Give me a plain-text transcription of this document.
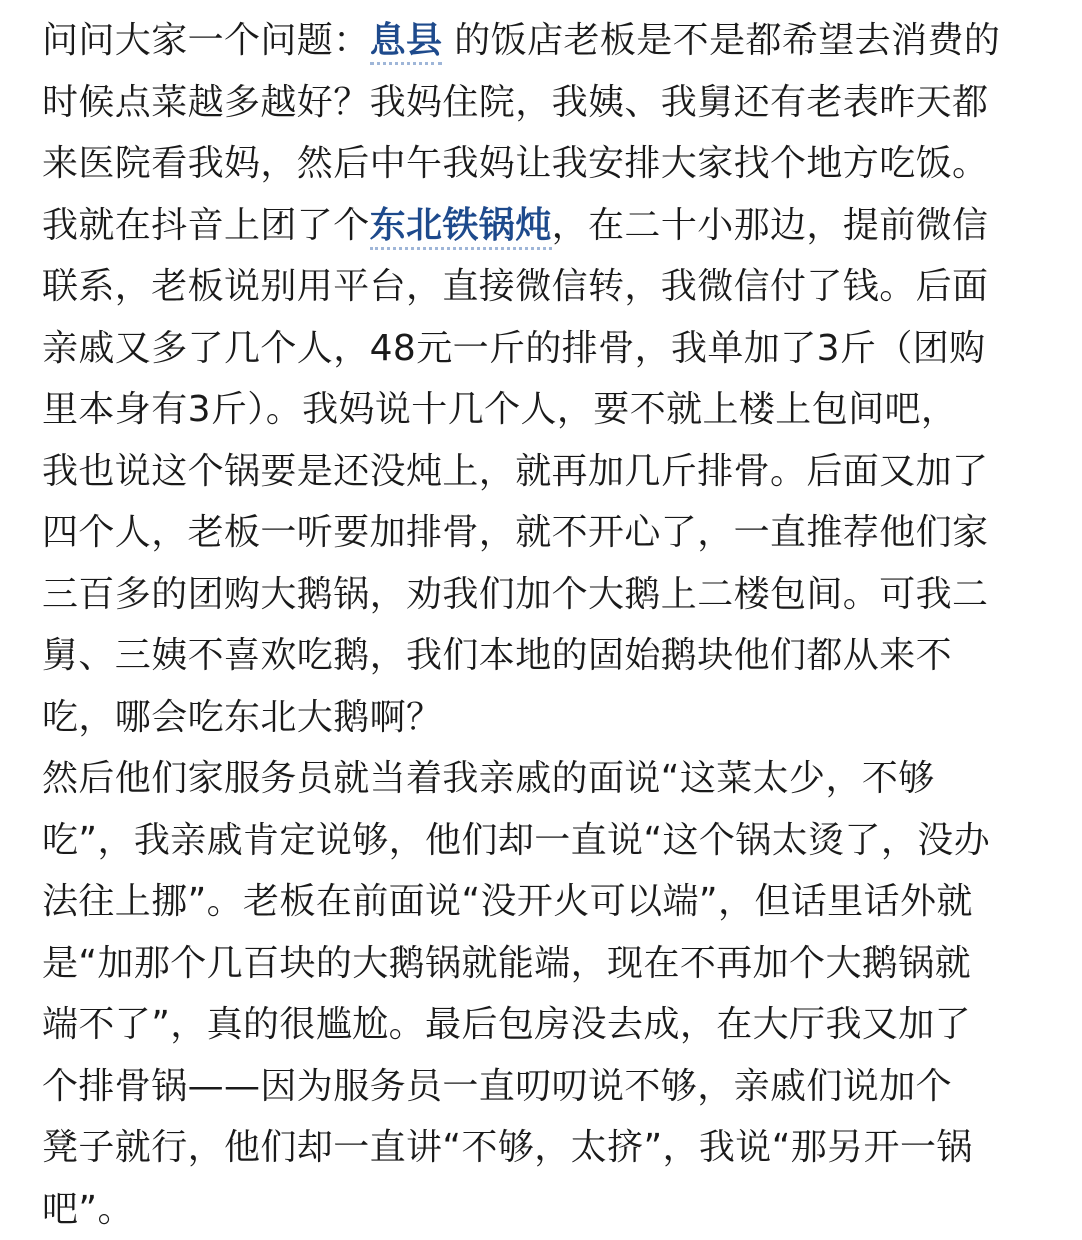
问问大家一个问题：息县 的饭店老板是不是都希望去消费的
时候点菜越多越好？我妈住院，我姨、我舅还有老表昨天都
来医院看我妈，然后中午我妈让我安排大家找个地方吃饭。
我就在抖音上团了个东北铁锅炖，在二十小那边，提前微信
联系，老板说别用平台，直接微信转，我微信付了钱。后面
亲戚又多了几个人，48元一斤的排骨，我单加了3斤（团购
里本身有3斤）。我妈说十几个人，要不就上楼上包间吧，
我也说这个锅要是还没炖上，就再加几斤排骨。后面又加了
四个人，老板一听要加排骨，就不开心了，一直推荐他们家
三百多的团购大鹅锅，劝我们加个大鹅上二楼包间。可我二
舅、三姨不喜欢吃鹅，我们本地的固始鹅块他们都从来不
吃，哪会吃东北大鹅啊？
然后他们家服务员就当着我亲戚的面说“这菜太少，不够
吃”，我亲戚肯定说够，他们却一直说“这个锅太烫了，没办
法往上挪”。老板在前面说“没开火可以端”，但话里话外就
是“加那个几百块的大鹅锅就能端，现在不再加个大鹅锅就
端不了”，真的很尴尬。最后包房没去成，在大厅我又加了
个排骨锅——因为服务员一直叨叨说不够，亲戚们说加个
凳子就行，他们却一直讲“不够，太挤”，我说“那另开一锅
吧”。
